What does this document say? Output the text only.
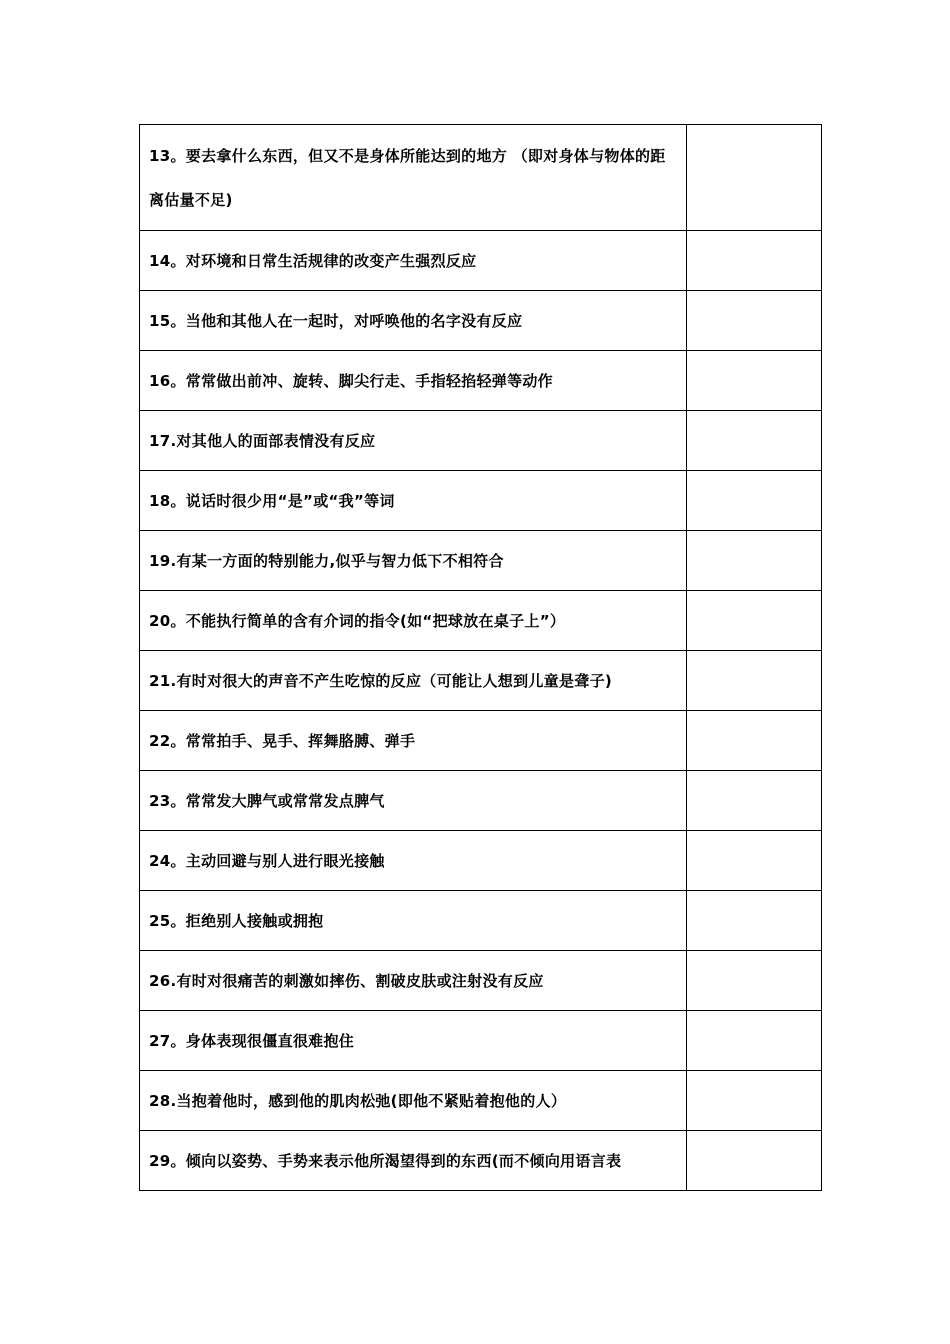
13。要去拿什么东西，但又不是身体所能达到的地方 （即对身体与物体的距离估量不足)	
14。对环境和日常生活规律的改变产生强烈反应	
15。当他和其他人在一起时，对呼唤他的名字没有反应	
16。常常做出前冲、旋转、脚尖行走、手指轻掐轻弹等动作	
17.对其他人的面部表情没有反应	
18。说话时很少用“是”或“我”等词	
19.有某一方面的特别能力,似乎与智力低下不相符合	
20。不能执行简单的含有介词的指令(如“把球放在桌子上”）	
21.有时对很大的声音不产生吃惊的反应（可能让人想到儿童是聋子)	
22。常常拍手、晃手、挥舞胳膊、弹手	
23。常常发大脾气或常常发点脾气	
24。主动回避与别人进行眼光接触	
25。拒绝别人接触或拥抱	
26.有时对很痛苦的刺激如摔伤、割破皮肤或注射没有反应	
27。身体表现很僵直很难抱住	
28.当抱着他时，感到他的肌肉松弛(即他不紧贴着抱他的人）	
29。倾向以姿势、手势来表示他所渴望得到的东西(而不倾向用语言表	
